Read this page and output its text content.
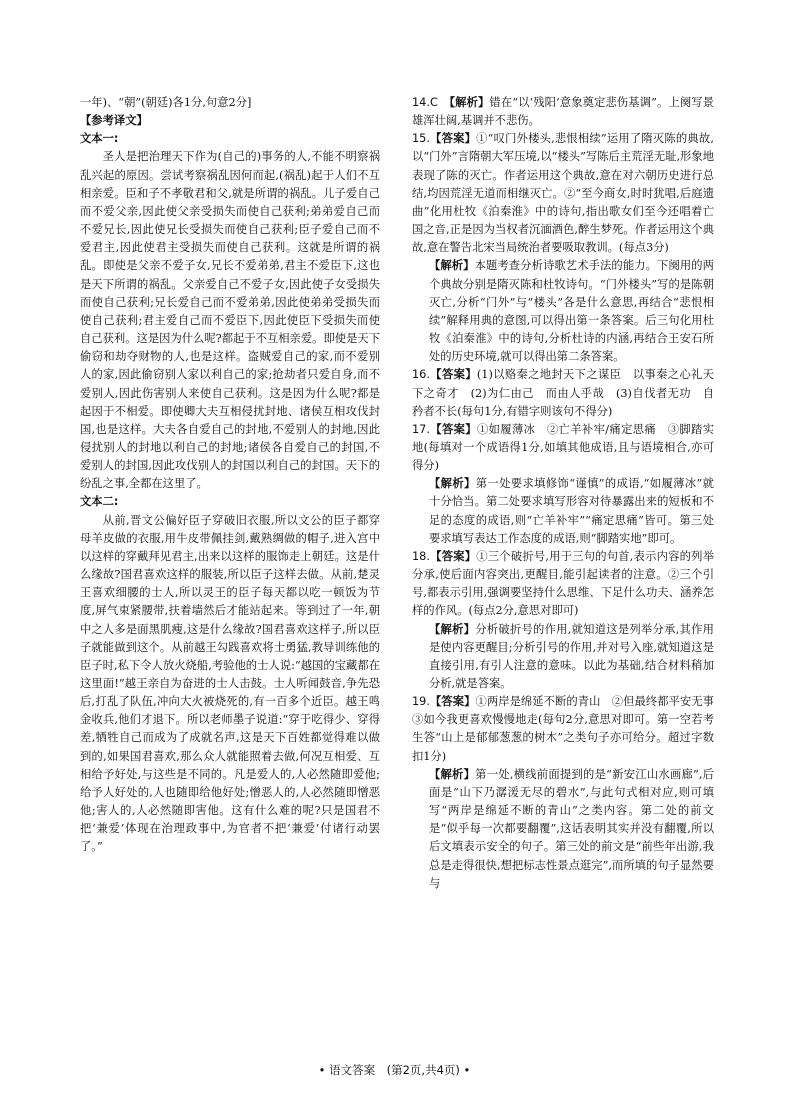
一年)、“朝”(朝廷)各1分,句意2分]

【参考译文】

文本一:

圣人是把治理天下作为(自己的)事务的人,不能不明察祸乱兴起的原因。尝试考察祸乱因何而起,(祸乱)起于人们不互相亲爱。臣和子不孝敬君和父,就是所谓的祸乱。儿子爱自己而不爱父亲,因此使父亲受损失而使自己获利;弟弟爱自己而不爱兄长,因此使兄长受损失而使自己获利;臣子爱自己而不爱君主,因此使君主受损失而使自己获利。这就是所谓的祸乱。即使是父亲不爱子女,兄长不爱弟弟,君主不爱臣下,这也是天下所谓的祸乱。父亲爱自己不爱子女,因此使子女受损失而使自己获利;兄长爱自己而不爱弟弟,因此使弟弟受损失而使自己获利;君主爱自己而不爱臣下,因此使臣下受损失而使自己获利。这是因为什么呢?都起于不互相亲爱。即使是天下偷窃和劫夺财物的人,也是这样。盗贼爱自己的家,而不爱别人的家,因此偷窃别人家以利自己的家;抢劫者只爱自身,而不爱别人,因此伤害别人来使自己获利。这是因为什么呢?都是起因于不相爱。即使卿大夫互相侵扰封地、诸侯互相攻伐封国,也是这样。大夫各自爱自己的封地,不爱别人的封地,因此侵扰别人的封地以利自己的封地;诸侯各自爱自己的封国,不爱别人的封国,因此攻伐别人的封国以利自己的封国。天下的纷乱之事,全都在这里了。

文本二:

从前,晋文公偏好臣子穿破旧衣服,所以文公的臣子都穿母羊皮做的衣服,用牛皮带佩挂剑,戴熟绸做的帽子,进入宫中以这样的穿戴拜见君主,出来以这样的服饰走上朝廷。这是什么缘故?国君喜欢这样的服装,所以臣子这样去做。从前,楚灵王喜欢细腰的士人,所以灵王的臣子每天都以吃一顿饭为节度,屏气束紧腰带,扶着墙然后才能站起来。等到过了一年,朝中之人多是面黑肌瘦,这是什么缘故?国君喜欢这样子,所以臣子就能做到这个。从前越王勾践喜欢将士勇猛,教导训练他的臣子时,私下令人放火烧船,考验他的士人说:“越国的宝藏都在这里面!”越王亲自为奋进的士人击鼓。士人听闻鼓音,争先恐后,打乱了队伍,冲向大火被烧死的,有一百多个近臣。越王鸣金收兵,他们才退下。所以老师墨子说道:“穿于吃得少、穿得差,牺牲自己而成为了成就名声,这是天下百姓都觉得难以做到的,如果国君喜欢,那么众人就能照着去做,何况互相爱、互相给予好处,与这些是不同的。凡是爱人的,人必然随即爱他;给予人好处的,人也随即给他好处;憎恶人的,人必然随即憎恶他;害人的,人必然随即害他。这有什么难的呢?只是国君不把‘兼爱’体现在治理政事中,为官者不把‘兼爱’付诸行动罢了。”

14.C　 【解析】错在“以‘残阳’意象奠定悲伤基调”。上阕写景雄浑壮阔,基调并不悲伤。

15.【答案】①“叹门外楼头,悲恨相续”运用了隋灭陈的典故,以“门外”言隋朝大军压境,以“楼头”写陈后主荒淫无耻,形象地表现了陈的灭亡。作者运用这个典故,意在对六朝历史进行总结,均因荒淫无道而相继灭亡。②“至今商女,时时犹唱,后庭遗曲”化用杜牧《泊秦淮》中的诗句,指出歌女们至今还唱着亡国之音,正是因为当权者沉湎酒色,醉生梦死。作者运用这个典故,意在警告北宋当局统治者要吸取教训。(每点3分)

【解析】本题考查分析诗歌艺术手法的能力。下阕用的两个典故分别是隋灭陈和杜牧诗句。“门外楼头”写的是陈朝灭亡,分析“门外”与“楼头”各是什么意思,再结合“悲恨相续”解释用典的意图,可以得出第一条答案。后三句化用杜牧《泊秦淮》中的诗句,分析杜诗的内涵,再结合王安石所处的历史环境,就可以得出第二条答案。

16.【答案】(1)以赂秦之地封天下之谋臣　以事秦之心礼天下之奇才　(2)为仁由己　而由人乎哉　(3)自伐者无功　自矜者不长(每句1分,有错字则该句不得分)

17.【答案】①如履薄冰　②亡羊补牢/痛定思痛　③脚踏实地(每填对一个成语得1分,如填其他成语,且与语境相合,亦可得分)

【解析】第一处要求填修饰“谨慎”的成语,“如履薄冰”就十分恰当。第二处要求填写形容对待暴露出来的短板和不足的态度的成语,则“亡羊补牢”“痛定思痛”皆可。第三处要求填写表达工作态度的成语,则“脚踏实地”即可。

18.【答案】①三个破折号,用于三句的句首,表示内容的列举分承,使后面内容突出,更醒目,能引起读者的注意。②三个引号,都表示引用,强调要坚持什么思维、下足什么功夫、涵养怎样的作风。(每点2分,意思对即可)

【解析】分析破折号的作用,就知道这是列举分承,其作用是使内容更醒目;分析引号的作用,并对号入座,就知道这是直接引用,有引人注意的意味。以此为基础,结合材料稍加分析,就是答案。

19.【答案】①两岸是绵延不断的青山　②但最终都平安无事　③如今我更喜欢慢慢地走(每句2分,意思对即可。第一空若考生答“山上是郁郁葱葱的树木”之类句子亦可给分。超过字数扣1分)

【解析】第一处,横线前面提到的是“新安江山水画廊”,后面是“山下乃潺湲无尽的碧水”,与此句式相对应,则可填写“两岸是绵延不断的青山”之类内容。第二处的前文是“似乎每一次都要翻覆”,这话表明其实并没有翻覆,所以后文填表示安全的句子。第三处的前文是“前些年出游,我总是走得很快,想把标志性景点逛完”,而所填的句子显然要与

• 语文答案　(第2页,共4页) •
